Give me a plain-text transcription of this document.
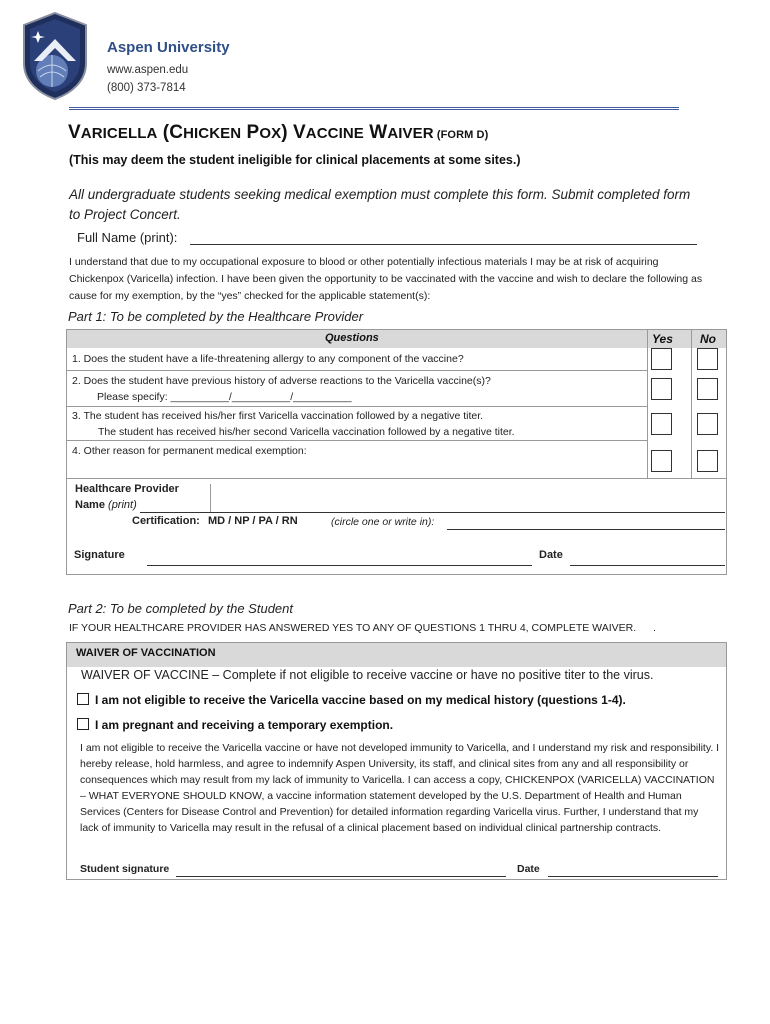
Aspen University
www.aspen.edu
(800) 373-7814
VARICELLA (CHICKEN POX) VACCINE WAIVER (FORM D)
(This may deem the student ineligible for clinical placements at some sites.)
All undergraduate students seeking medical exemption must complete this form. Submit completed form to Project Concert.
Full Name (print):
I understand that due to my occupational exposure to blood or other potentially infectious materials I may be at risk of acquiring Chickenpox (Varicella) infection. I have been given the opportunity to be vaccinated with the vaccine and wish to declare the following as cause for my exemption, by the “yes” checked for the applicable statement(s):
Part 1: To be completed by the Healthcare Provider
Questions	Yes No
1. Does the student have a life-threatening allergy to any component of the vaccine?
2. Does the student have previous history of adverse reactions to the Varicella vaccine(s)?
Please specify: __________/__________/__________
3. The student has received his/her first Varicella vaccination followed by a negative titer.
The student has received his/her second Varicella vaccination followed by a negative titer.
4. Other reason for permanent medical exemption:
Healthcare Provider
Name (print)
Certification: MD / NP / PA / RN	(circle one or write in):
Signature	Date
Part 2: To be completed by the Student
IF YOUR HEALTHCARE PROVIDER HAS ANSWERED YES TO ANY OF QUESTIONS 1 THRU 4, COMPLETE WAIVER. .
WAIVER OF VACCINATION
WAIVER OF VACCINE – Complete if not eligible to receive vaccine or have no positive titer to the virus.
I am not eligible to receive the Varicella vaccine based on my medical history (questions 1-4).
I am pregnant and receiving a temporary exemption.
I am not eligible to receive the Varicella vaccine or have not developed immunity to Varicella, and I understand my risk and responsibility. I hereby release, hold harmless, and agree to indemnify Aspen University, its staff, and clinical sites from any and all responsibility or consequences which may result from my lack of immunity to Varicella. I can access a copy, CHICKENPOX (VARICELLA) VACCINATION – WHAT EVERYONE SHOULD KNOW, a vaccine information statement developed by the U.S. Department of Health and Human Services (Centers for Disease Control and Prevention) for detailed information regarding Varicella virus. Further, I understand that my lack of immunity to Varicella may result in the refusal of a clinical placement based on individual clinical partnership contracts.
Student signature	Date
